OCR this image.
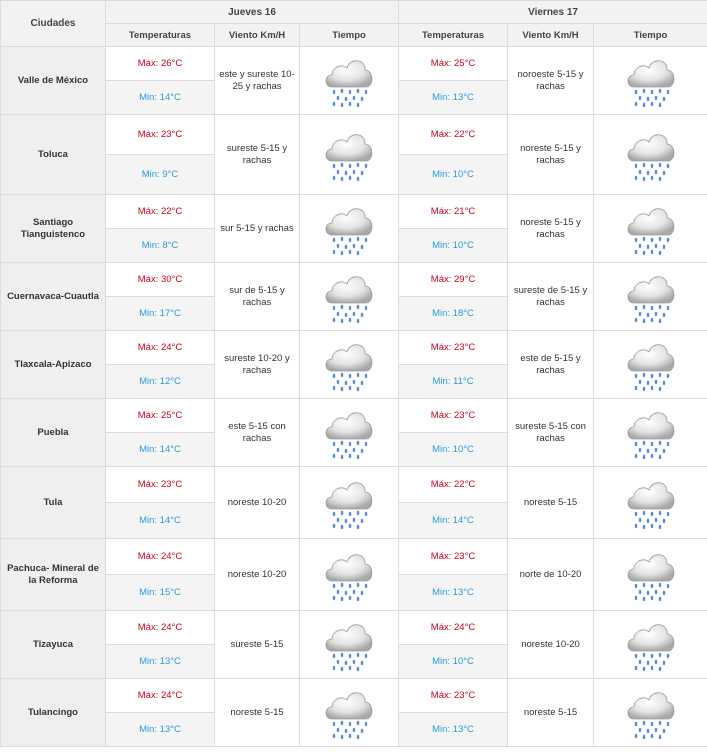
Ciudades	Jueves 16			Viernes 17		
	Temperaturas	Viento Km/H	Tiempo	Temperaturas	Viento Km/H	Tiempo
Valle de México	Máx: 26°C	este y sureste 10-25 y rachas		Máx: 25°C	noroeste 5-15 y rachas	

	Min: 14°C			Min: 13°C		
Toluca	Máx: 23°C	sureste 5-15 y rachas		Máx: 22°C	noreste 5-15 y rachas	

	Min: 9°C			Min: 10°C		
Santiago Tianguistenco	Máx: 22°C	sur 5-15 y rachas		Máx: 21°C	noreste 5-15 y rachas	

	Min: 8°C			Min: 10°C		
Cuernavaca-Cuautla	Máx: 30°C	sur de 5-15 y rachas		Máx: 29°C	sureste de 5-15 y rachas	

	Min: 17°C			Min: 18°C		
Tlaxcala-Apizaco	Máx: 24°C	sureste 10-20 y rachas		Máx: 23°C	este de 5-15 y rachas	

	Min: 12°C			Min: 11°C		
Puebla	Máx: 25°C	este 5-15 con rachas		Máx: 23°C	sureste 5-15 con rachas	

	Min: 14°C			Min: 10°C		
Tula	Máx: 23°C	noreste 10-20		Máx: 22°C	noreste 5-15	

	Min: 14°C			Min: 14°C		
Pachuca- Mineral de la Reforma	Máx: 24°C	noreste 10-20		Máx: 23°C	norte de 10-20	

	Min: 15°C			Min: 13°C		
Tizayuca	Máx: 24°C	sureste 5-15		Máx: 24°C	noreste 10-20	

	Min: 13°C			Min: 10°C		
Tulancingo	Máx: 24°C	noreste 5-15		Máx: 23°C	noreste 5-15	

	Min: 13°C			Min: 13°C		
